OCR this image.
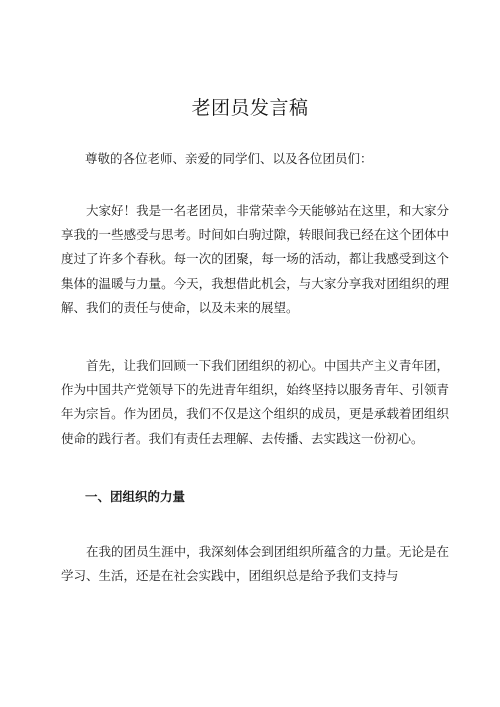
老团员发言稿
尊敬的各位老师、亲爱的同学们、以及各位团员们：
大家好！我是一名老团员，非常荣幸今天能够站在这里，和大家分享我的一些感受与思考。时间如白驹过隙，转眼间我已经在这个团体中度过了许多个春秋。每一次的团聚，每一场的活动，都让我感受到这个集体的温暖与力量。今天，我想借此机会，与大家分享我对团组织的理解、我们的责任与使命，以及未来的展望。
首先，让我们回顾一下我们团组织的初心。中国共产主义青年团，作为中国共产党领导下的先进青年组织，始终坚持以服务青年、引领青年为宗旨。作为团员，我们不仅是这个组织的成员，更是承载着团组织使命的践行者。我们有责任去理解、去传播、去实践这一份初心。
一、团组织的力量
在我的团员生涯中，我深刻体会到团组织所蕴含的力量。无论是在学习、生活，还是在社会实践中，团组织总是给予我们支持与
